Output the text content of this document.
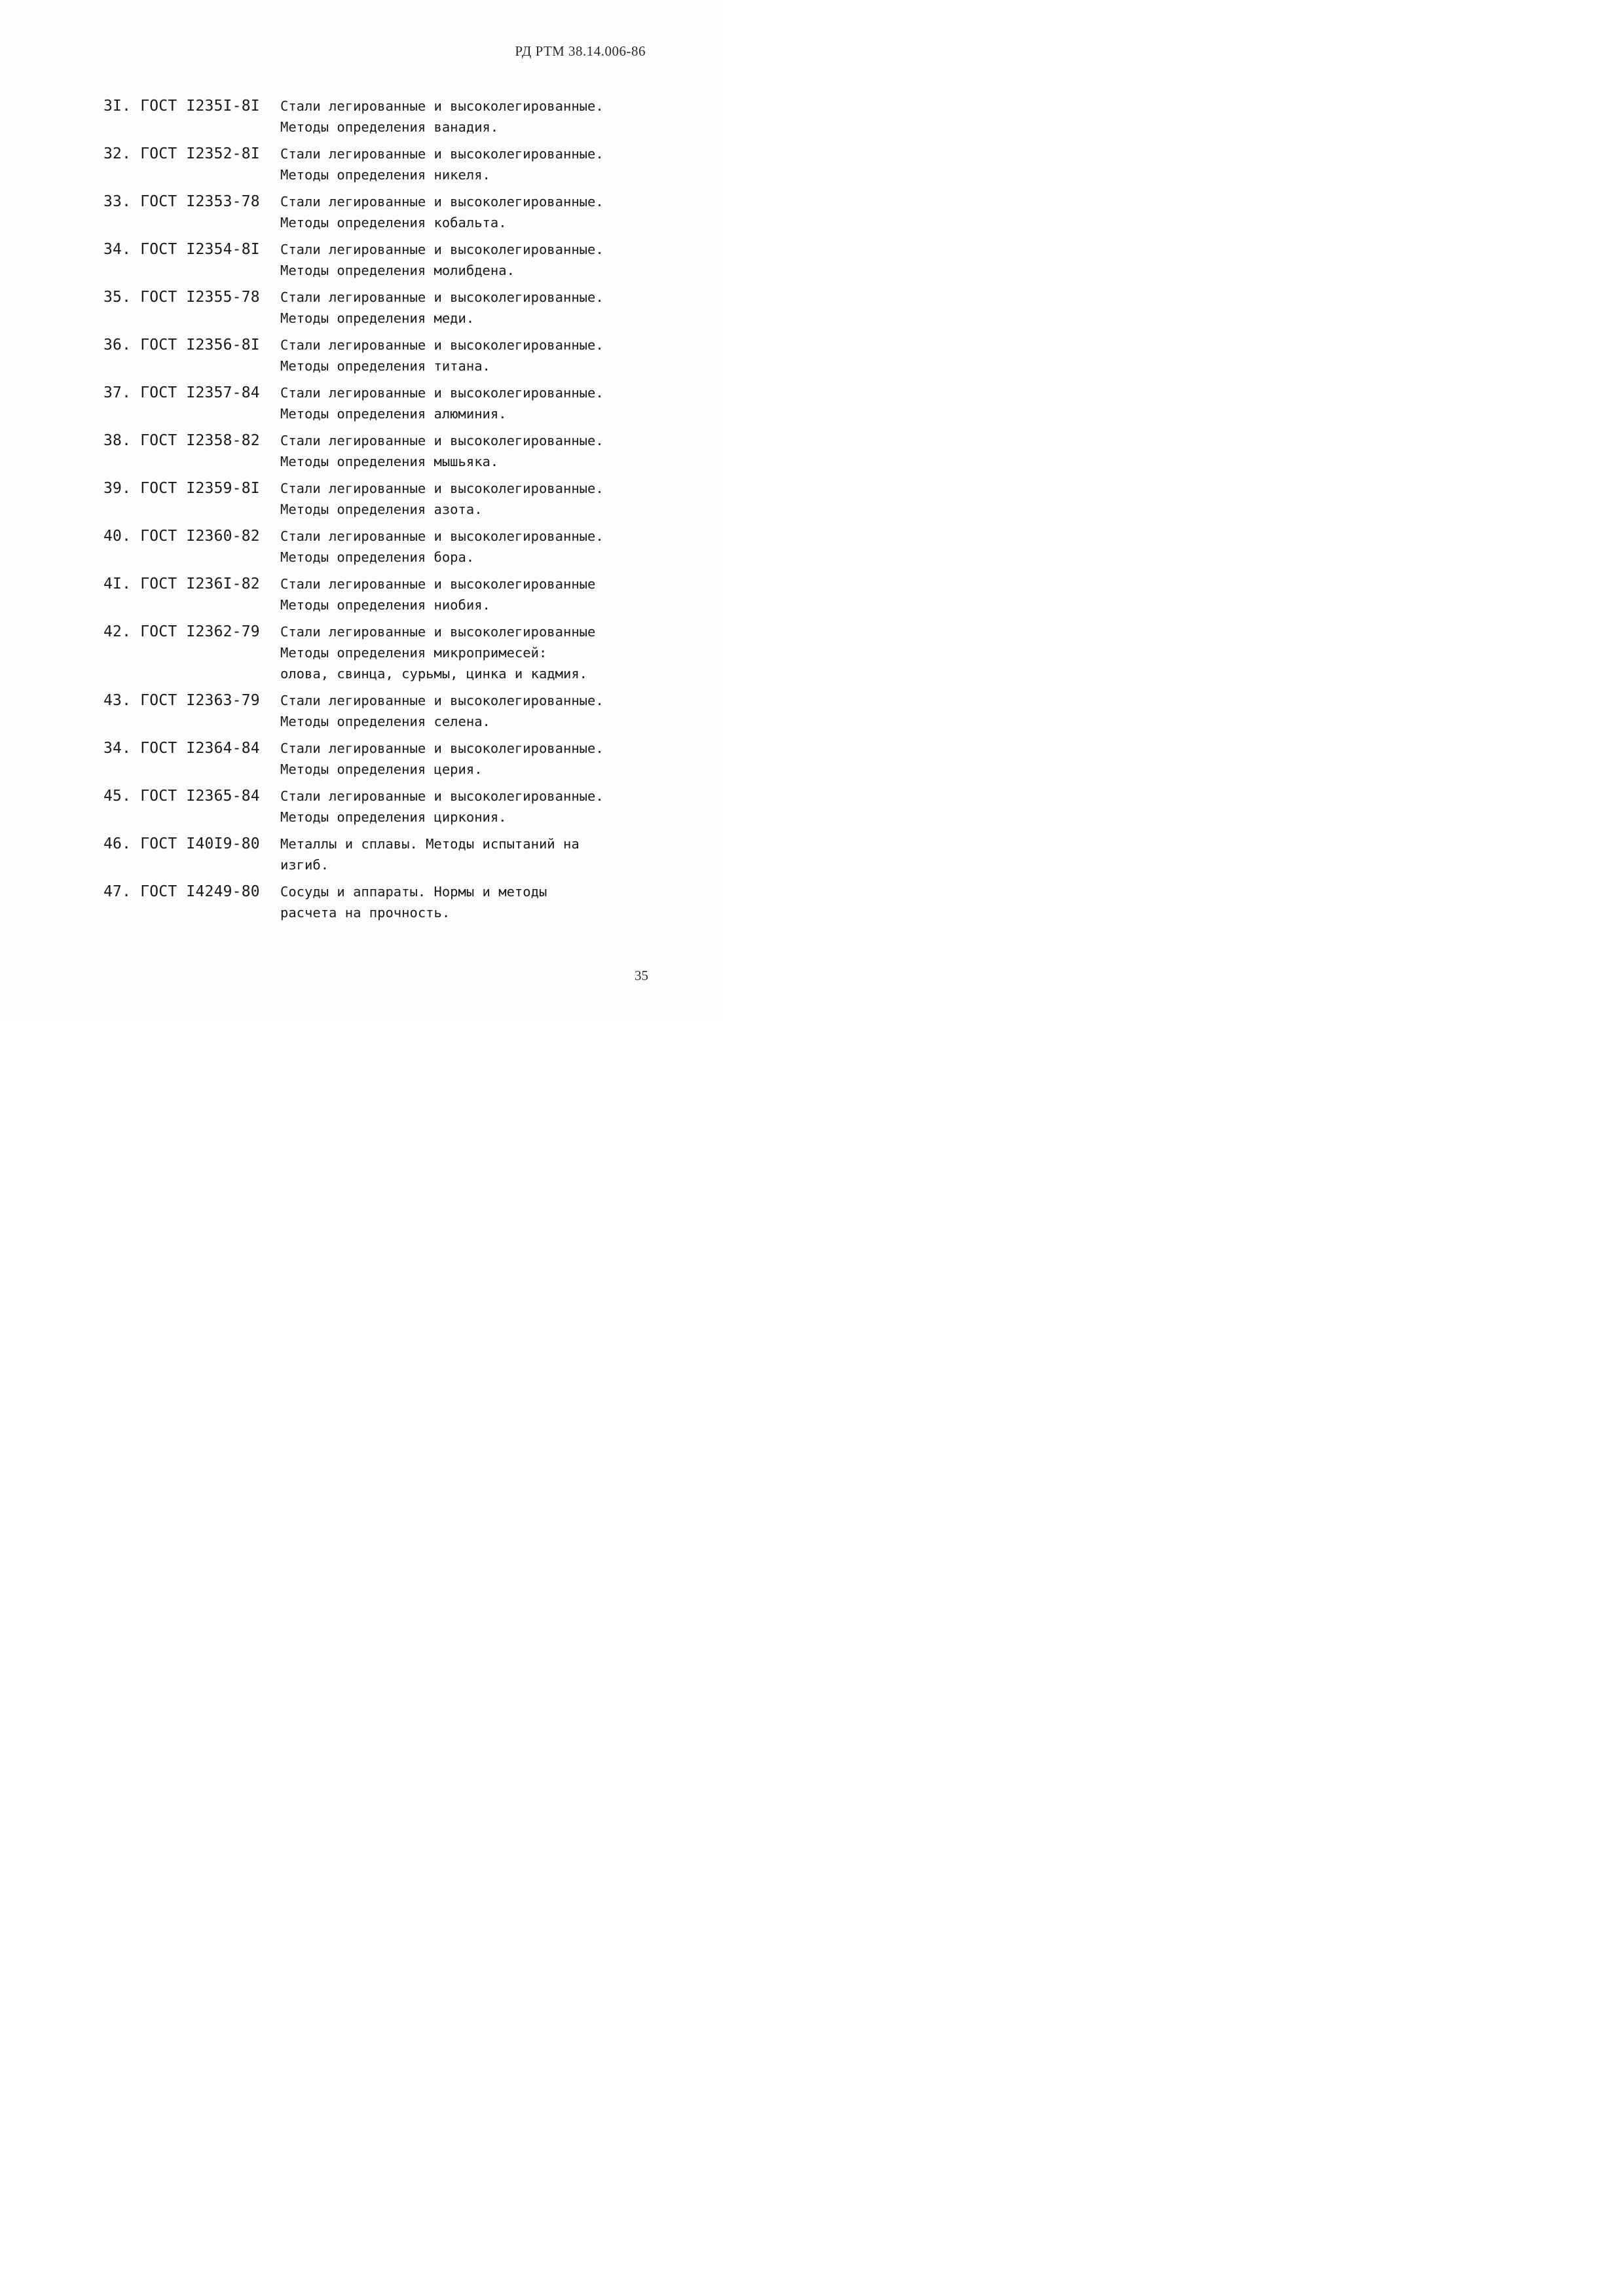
РД РТМ 38.14.006-86
3I. ГОСТ I235I-8I	Стали легированные и высоколегированные.
Методы определения ванадия.
32. ГОСТ I2352-8I	Стали легированные и высоколегированные.
Методы определения никеля.
33. ГОСТ I2353-78	Стали легированные и высоколегированные.
Методы определения кобальта.
34. ГОСТ I2354-8I	Стали легированные и высоколегированные.
Методы определения молибдена.
35. ГОСТ I2355-78	Стали легированные и высоколегированные.
Методы определения меди.
36. ГОСТ I2356-8I	Стали легированные и высоколегированные.
Методы определения титана.
37. ГОСТ I2357-84	Стали легированные и высоколегированные.
Методы определения алюминия.
38. ГОСТ I2358-82	Стали легированные и высоколегированные.
Методы определения мышьяка.
39. ГОСТ I2359-8I	Стали легированные и высоколегированные.
Методы определения азота.
40. ГОСТ I2360-82	Стали легированные и высоколегированные.
Методы определения бора.
4I. ГОСТ I236I-82	Стали легированные и высоколегированные
Методы определения ниобия.
42. ГОСТ I2362-79	Стали легированные и высоколегированные
Методы определения микропримесей:
олова, свинца, сурьмы, цинка и кадмия.
43. ГОСТ I2363-79	Стали легированные и высоколегированные.
Методы определения селена.
34. ГОСТ I2364-84	Стали легированные и высоколегированные.
Методы определения церия.
45. ГОСТ I2365-84	Стали легированные и высоколегированные.
Методы определения циркония.
46. ГОСТ I40I9-80	Металлы и сплавы. Методы испытаний на
изгиб.
47. ГОСТ I4249-80	Сосуды и аппараты. Нормы и методы
расчета на прочность.
35
